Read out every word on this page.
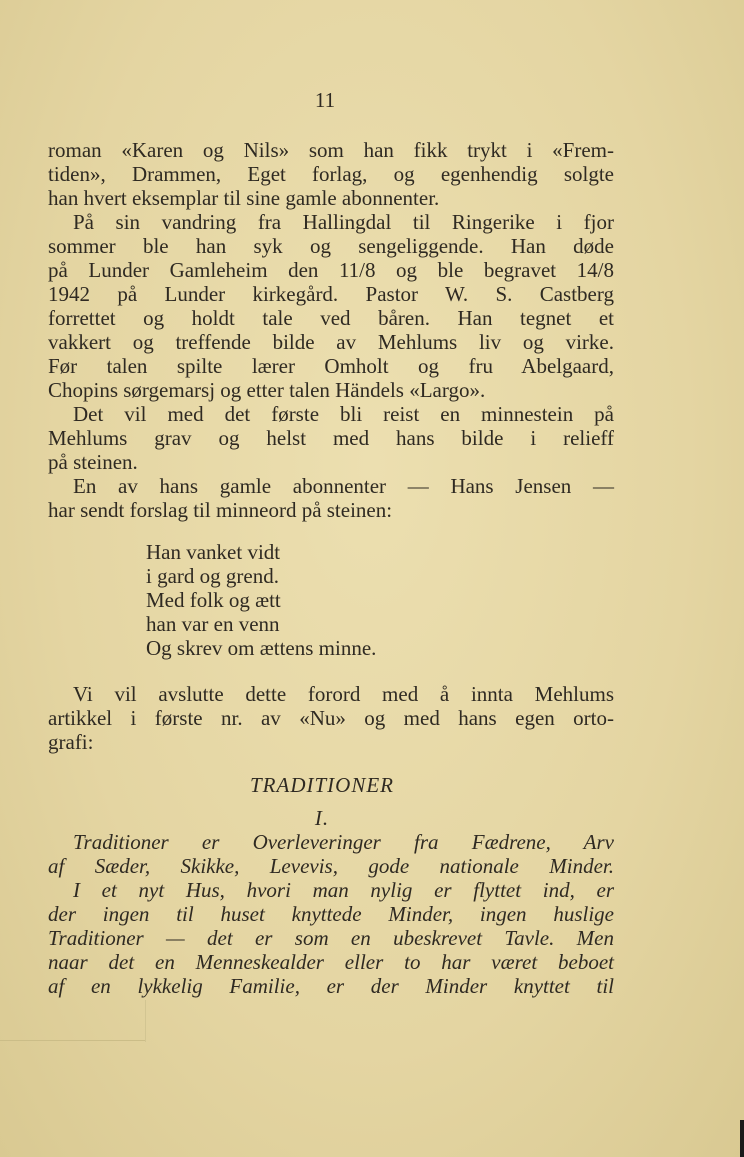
11
roman «Karen og Nils» som han fikk trykt i «Frem-
tiden», Drammen, Eget forlag, og egenhendig solgte
han hvert eksemplar til sine gamle abonnenter.
På sin vandring fra Hallingdal til Ringerike i fjor
sommer ble han syk og sengeliggende. Han døde
på Lunder Gamleheim den 11/8 og ble begravet 14/8
1942 på Lunder kirkegård. Pastor W. S. Castberg
forrettet og holdt tale ved båren. Han tegnet et
vakkert og treffende bilde av Mehlums liv og virke.
Før talen spilte lærer Omholt og fru Abelgaard,
Chopins sørgemarsj og etter talen Händels «Largo».
Det vil med det første bli reist en minnestein på
Mehlums grav og helst med hans bilde i relieff
på steinen.
En av hans gamle abonnenter — Hans Jensen —
har sendt forslag til minneord på steinen:
Han vanket vidt
i gard og grend.
Med folk og ætt
han var en venn
Og skrev om ættens minne.
Vi vil avslutte dette forord med å innta Mehlums
artikkel i første nr. av «Nu» og med hans egen orto-
grafi:
TRADITIONER
I.
Traditioner er Overleveringer fra Fædrene, Arv
af Sæder, Skikke, Levevis, gode nationale Minder.
I et nyt Hus, hvori man nylig er flyttet ind, er
der ingen til huset knyttede Minder, ingen huslige
Traditioner — det er som en ubeskrevet Tavle. Men
naar det en Menneskealder eller to har været beboet
af en lykkelig Familie, er der Minder knyttet til
